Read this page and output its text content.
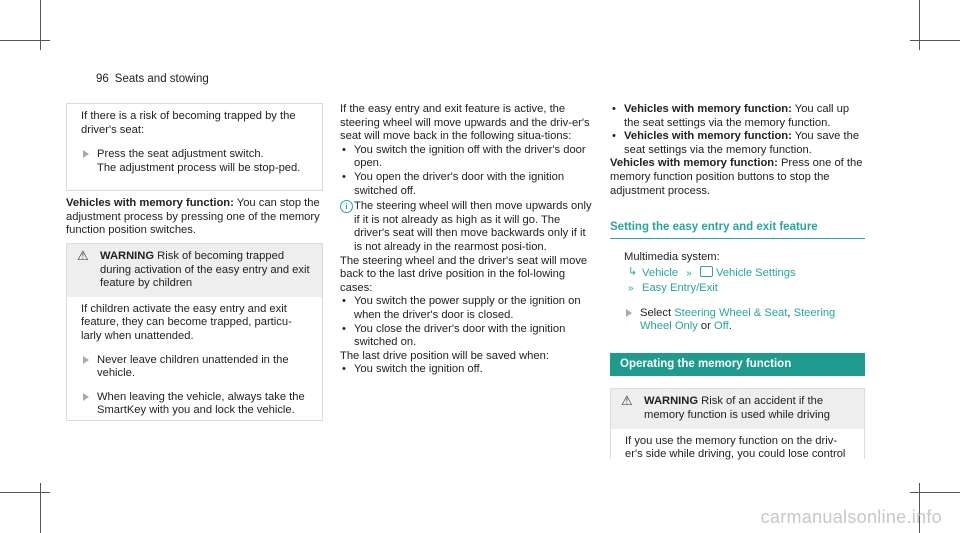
96 Seats and stowing

If there is a risk of becoming trapped by the driver's seat:

Press the seat adjustment switch.

The adjustment process will be stop-ped.

Vehicles with memory function: You can stop the adjustment process by pressing one of the memory function position switches.
⚠ WARNING Risk of becoming trapped during activation of the easy entry and exit feature by children

If children activate the easy entry and exit feature, they can become trapped, particu-larly when unattended.

Never leave children unattended in the vehicle.

When leaving the vehicle, always take the SmartKey with you and lock the vehicle.

If the easy entry and exit feature is active, the steering wheel will move upwards and the driv-er's seat will move back in the following situa-tions:

• You switch the ignition off with the driver's door open.
• You open the driver's door with the ignition switched off.
i The steering wheel will then move upwards only if it is not already as high as it will go. The driver's seat will then move backwards only if it is not already in the rearmost posi-tion.

The steering wheel and the driver's seat will move back to the last drive position in the fol-lowing cases:

• You switch the power supply or the ignition on when the driver's door is closed.
• You close the driver's door with the ignition switched on.

The last drive position will be saved when:

• You switch the ignition off.
• Vehicles with memory function: You call up the seat settings via the memory function.
• Vehicles with memory function: You save the seat settings via the memory function.

Vehicles with memory function: Press one of the memory function position buttons to stop the adjustment process.

Setting the easy entry and exit feature

Multimedia system:

↳ Vehicle » Vehicle Settings
» Easy Entry/Exit
Select Steering Wheel & Seat, Steering Wheel Only or Off.
Operating the memory function
⚠ WARNING Risk of an accident if the memory function is used while driving

If you use the memory function on the driv-er's side while driving, you could lose control

carmanualsonline.info
